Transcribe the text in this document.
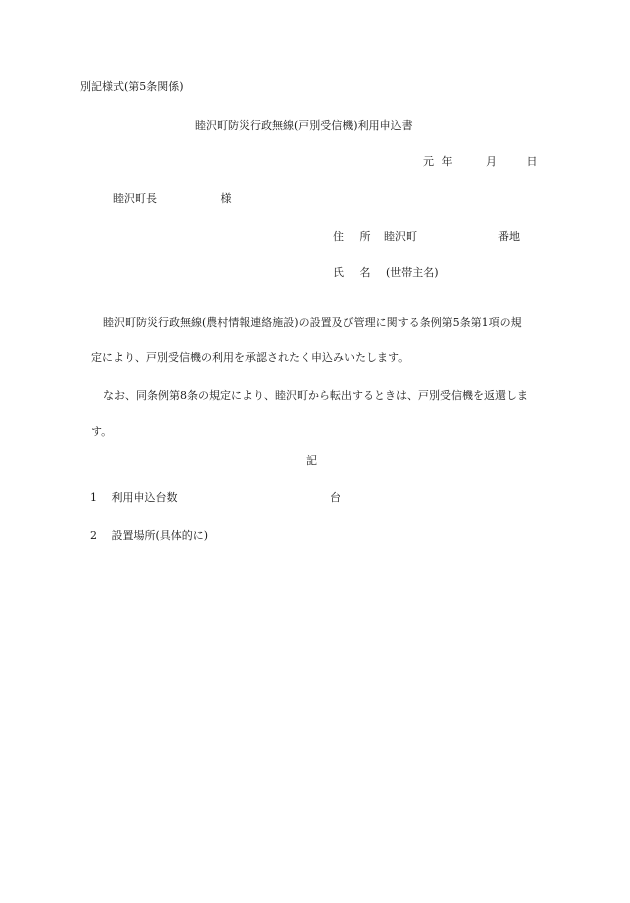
別記様式(第5条関係)
睦沢町防災行政無線(戸別受信機)利用申込書
元 年	月	日
睦沢町長	様
住 所 睦沢町	番地
氏 名 (世帯主名)
睦沢町防災行政無線(農村情報連絡施設)の設置及び管理に関する条例第5条第1項の規
定により、戸別受信機の利用を承認されたく申込みいたします。
なお、同条例第8条の規定により、睦沢町から転出するときは、戸別受信機を返還しま
す。
記
1 利用申込台数	台
2 設置場所(具体的に)
